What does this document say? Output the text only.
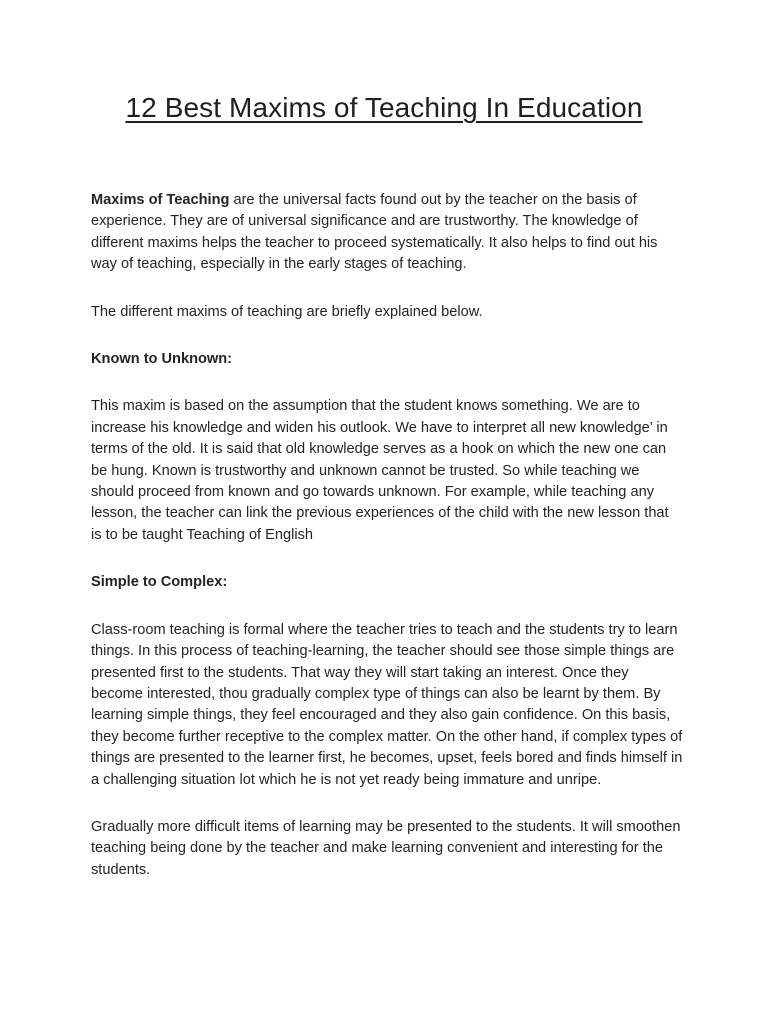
12 Best Maxims of Teaching In Education

Maxims of Teaching are the universal facts found out by the teacher on the basis of experience. They are of universal significance and are trustworthy. The knowledge of different maxims helps the teacher to proceed systematically. It also helps to find out his way of teaching, especially in the early stages of teaching.

The different maxims of teaching are briefly explained below.

Known to Unknown:

This maxim is based on the assumption that the student knows something. We are to increase his knowledge and widen his outlook. We have to interpret all new knowledge’ in terms of the old. It is said that old knowledge serves as a hook on which the new one can be hung. Known is trustworthy and unknown cannot be trusted. So while teaching we should proceed from known and go towards unknown. For example, while teaching any lesson, the teacher can link the previous experiences of the child with the new lesson that is to be taught Teaching of English

Simple to Complex:

Class-room teaching is formal where the teacher tries to teach and the students try to learn things. In this process of teaching-learning, the teacher should see those simple things are presented first to the students. That way they will start taking an interest. Once they become interested, thou gradually complex type of things can also be learnt by them. By learning simple things, they feel encouraged and they also gain confidence. On this basis, they become further receptive to the complex matter. On the other hand, if complex types of things are presented to the learner first, he becomes, upset, feels bored and finds himself in a challenging situation lot which he is not yet ready being immature and unripe.

Gradually more difficult items of learning may be presented to the students. It will smoothen teaching being done by the teacher and make learning convenient and interesting for the students.
